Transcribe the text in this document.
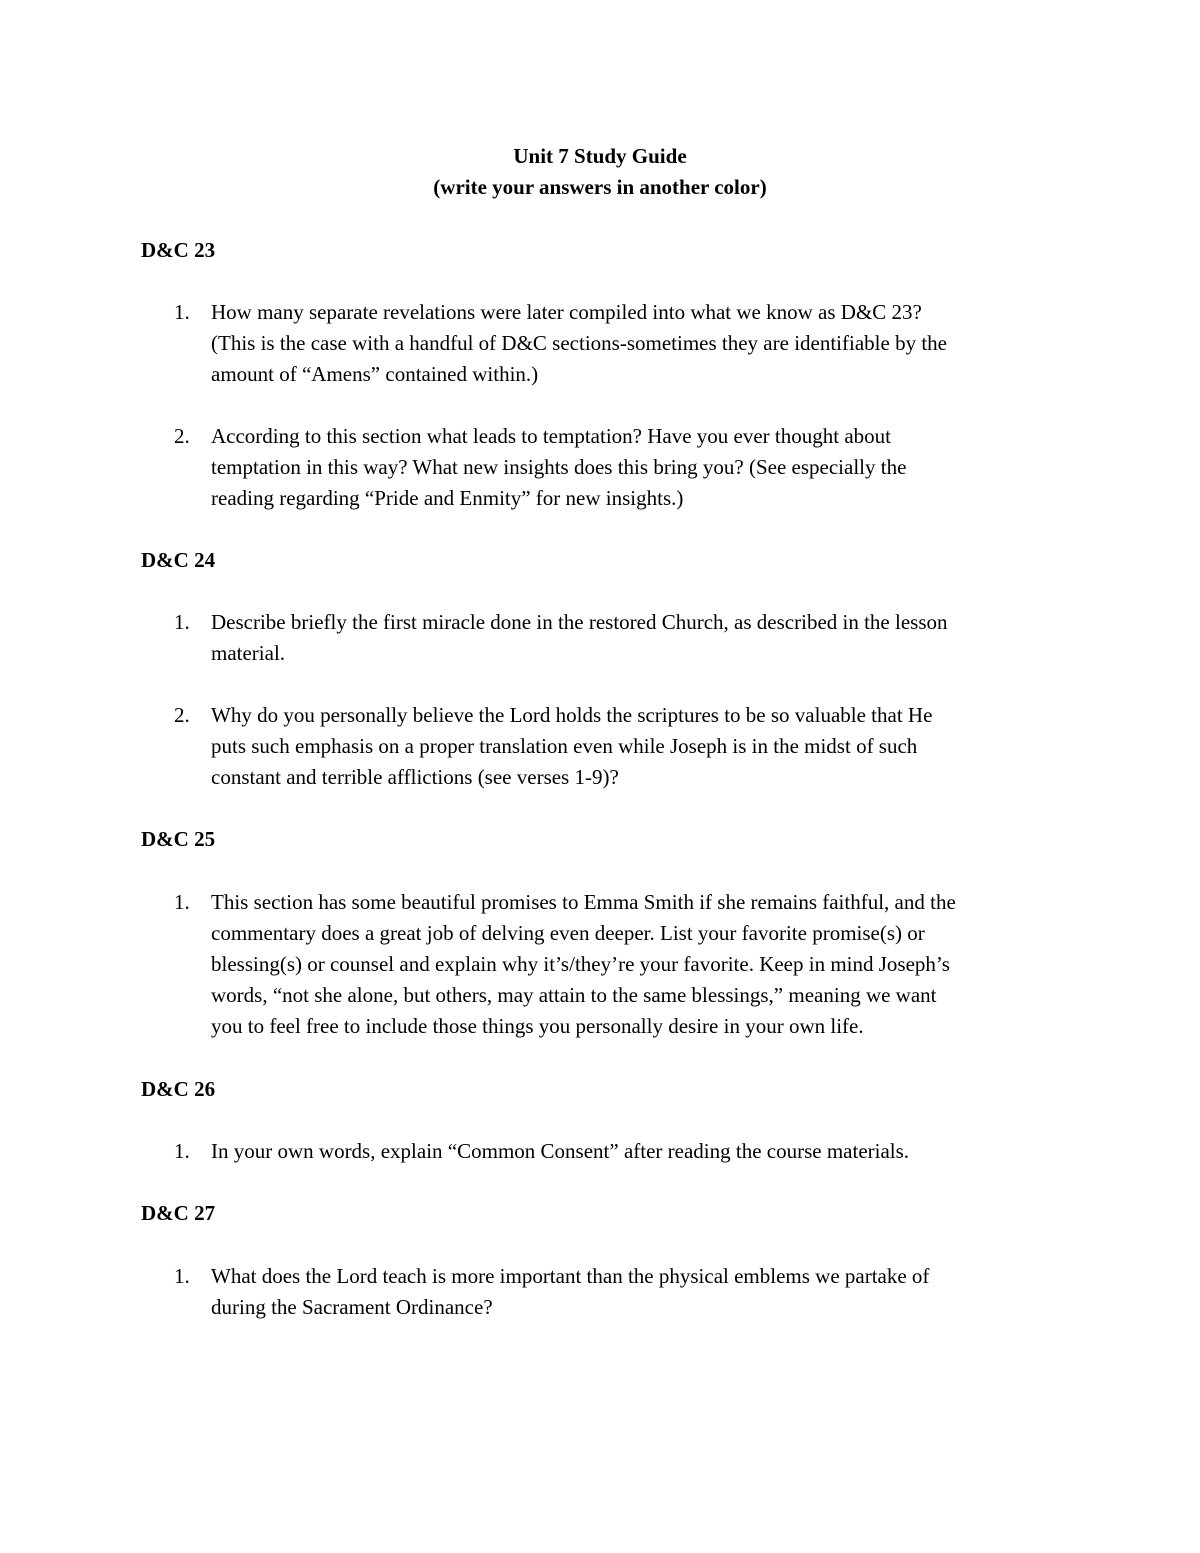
Unit 7 Study Guide
(write your answers in another color)
D&C 23
1.	How many separate revelations were later compiled into what we know as D&C 23?
(This is the case with a handful of D&C sections-sometimes they are identifiable by the
amount of “Amens” contained within.)
2.	According to this section what leads to temptation? Have you ever thought about
temptation in this way? What new insights does this bring you? (See especially the
reading regarding “Pride and Enmity” for new insights.)
D&C 24
1.	Describe briefly the first miracle done in the restored Church, as described in the lesson
material.
2.	Why do you personally believe the Lord holds the scriptures to be so valuable that He
puts such emphasis on a proper translation even while Joseph is in the midst of such
constant and terrible afflictions (see verses 1-9)?
D&C 25
1.	This section has some beautiful promises to Emma Smith if she remains faithful, and the
commentary does a great job of delving even deeper. List your favorite promise(s) or
blessing(s) or counsel and explain why it’s/they’re your favorite. Keep in mind Joseph’s
words, “not she alone, but others, may attain to the same blessings,” meaning we want
you to feel free to include those things you personally desire in your own life.
D&C 26
1.	In your own words, explain “Common Consent” after reading the course materials.
D&C 27
1.	What does the Lord teach is more important than the physical emblems we partake of
during the Sacrament Ordinance?
